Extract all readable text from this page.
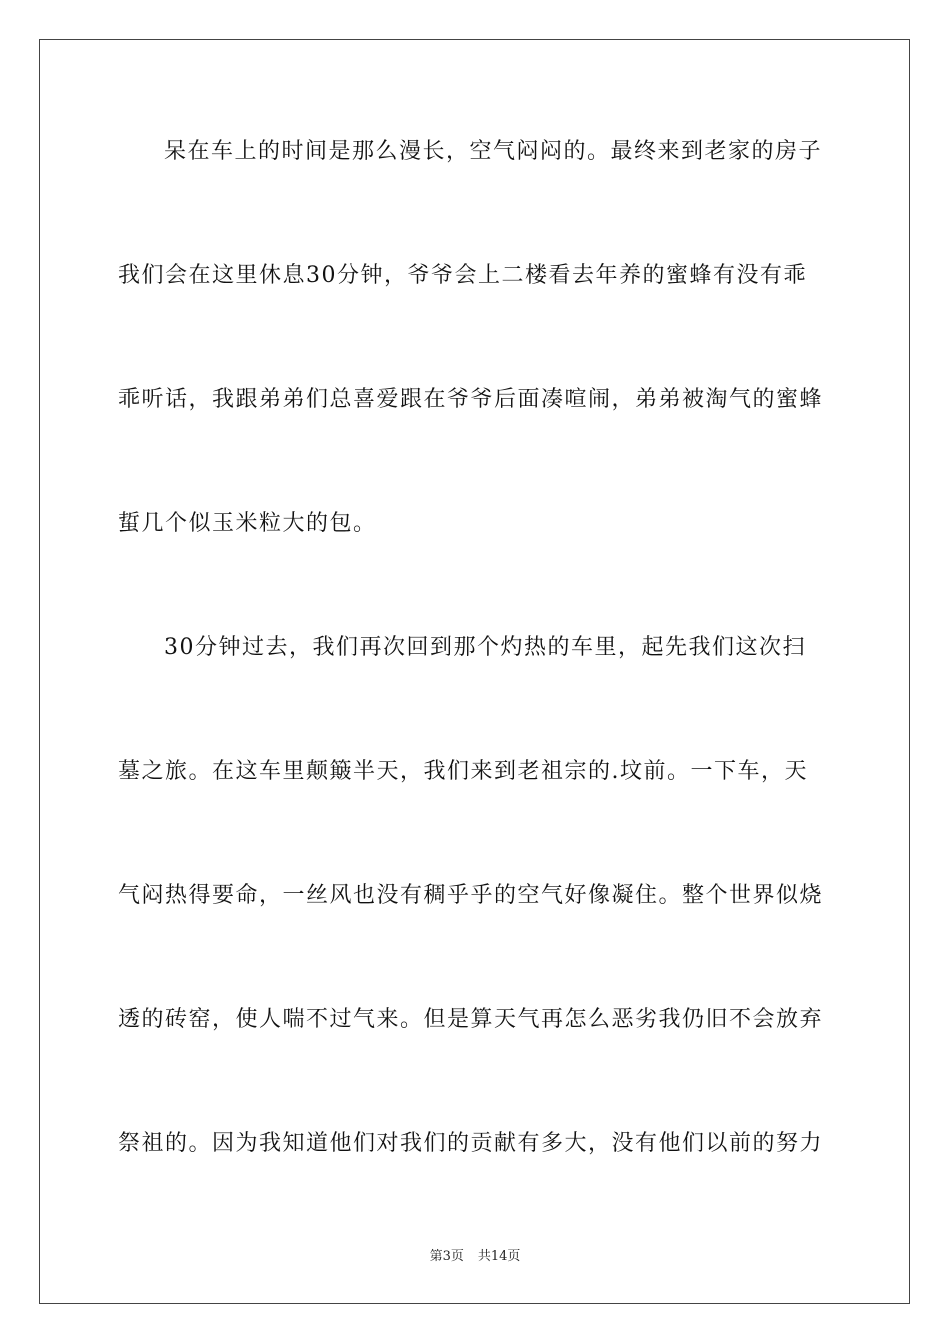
呆在车上的时间是那么漫长，空气闷闷的。最终来到老家的房子
我们会在这里休息30分钟，爷爷会上二楼看去年养的蜜蜂有没有乖
乖听话，我跟弟弟们总喜爱跟在爷爷后面凑喧闹，弟弟被淘气的蜜蜂
蜇几个似玉米粒大的包。
30分钟过去，我们再次回到那个灼热的车里，起先我们这次扫
墓之旅。在这车里颠簸半天，我们来到老祖宗的.坟前。一下车，天
气闷热得要命，一丝风也没有稠乎乎的空气好像凝住。整个世界似烧
透的砖窑，使人喘不过气来。但是算天气再怎么恶劣我仍旧不会放弃
祭祖的。因为我知道他们对我们的贡献有多大，没有他们以前的努力
第3页 共14页
